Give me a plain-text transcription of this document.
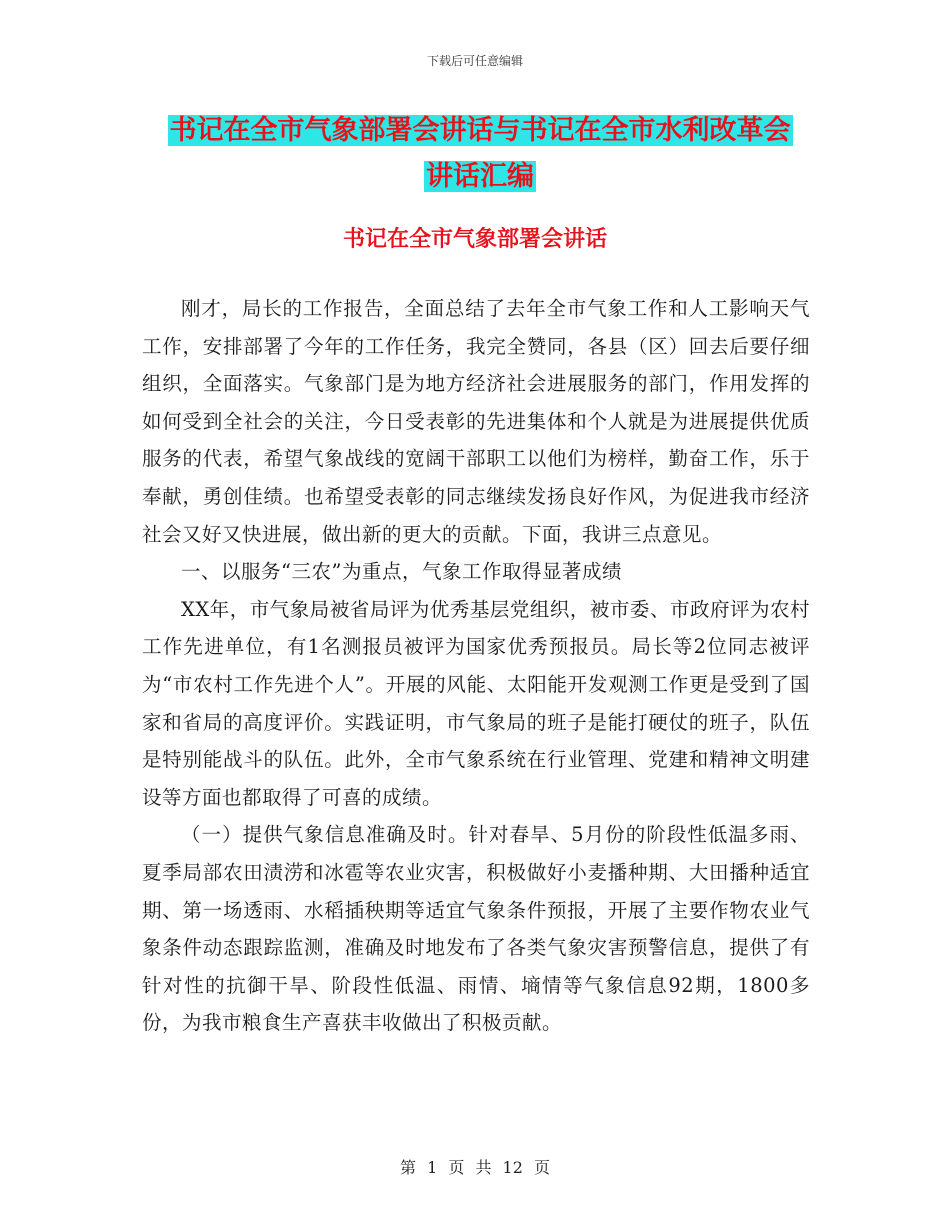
下载后可任意编辑
书记在全市气象部署会讲话与书记在全市水利改革会
讲话汇编
书记在全市气象部署会讲话

刚才，局长的工作报告，全面总结了去年全市气象工作和人工影响天气工作，安排部署了今年的工作任务，我完全赞同，各县（区）回去后要仔细组织，全面落实。气象部门是为地方经济社会进展服务的部门，作用发挥的如何受到全社会的关注，今日受表彰的先进集体和个人就是为进展提供优质服务的代表，希望气象战线的宽阔干部职工以他们为榜样，勤奋工作，乐于奉献，勇创佳绩。也希望受表彰的同志继续发扬良好作风，为促进我市经济社会又好又快进展，做出新的更大的贡献。下面，我讲三点意见。

一、以服务“三农”为重点，气象工作取得显著成绩

XX年，市气象局被省局评为优秀基层党组织，被市委、市政府评为农村工作先进单位，有1名测报员被评为国家优秀预报员。局长等2位同志被评为“市农村工作先进个人”。开展的风能、太阳能开发观测工作更是受到了国家和省局的高度评价。实践证明，市气象局的班子是能打硬仗的班子，队伍是特别能战斗的队伍。此外，全市气象系统在行业管理、党建和精神文明建设等方面也都取得了可喜的成绩。

（一）提供气象信息准确及时。针对春旱、5月份的阶段性低温多雨、夏季局部农田渍涝和冰雹等农业灾害，积极做好小麦播种期、大田播种适宜期、第一场透雨、水稻插秧期等适宜气象条件预报，开展了主要作物农业气象条件动态跟踪监测，准确及时地发布了各类气象灾害预警信息，提供了有针对性的抗御干旱、阶段性低温、雨情、墒情等气象信息92期，1800多份，为我市粮食生产喜获丰收做出了积极贡献。

第 1 页 共 12 页
